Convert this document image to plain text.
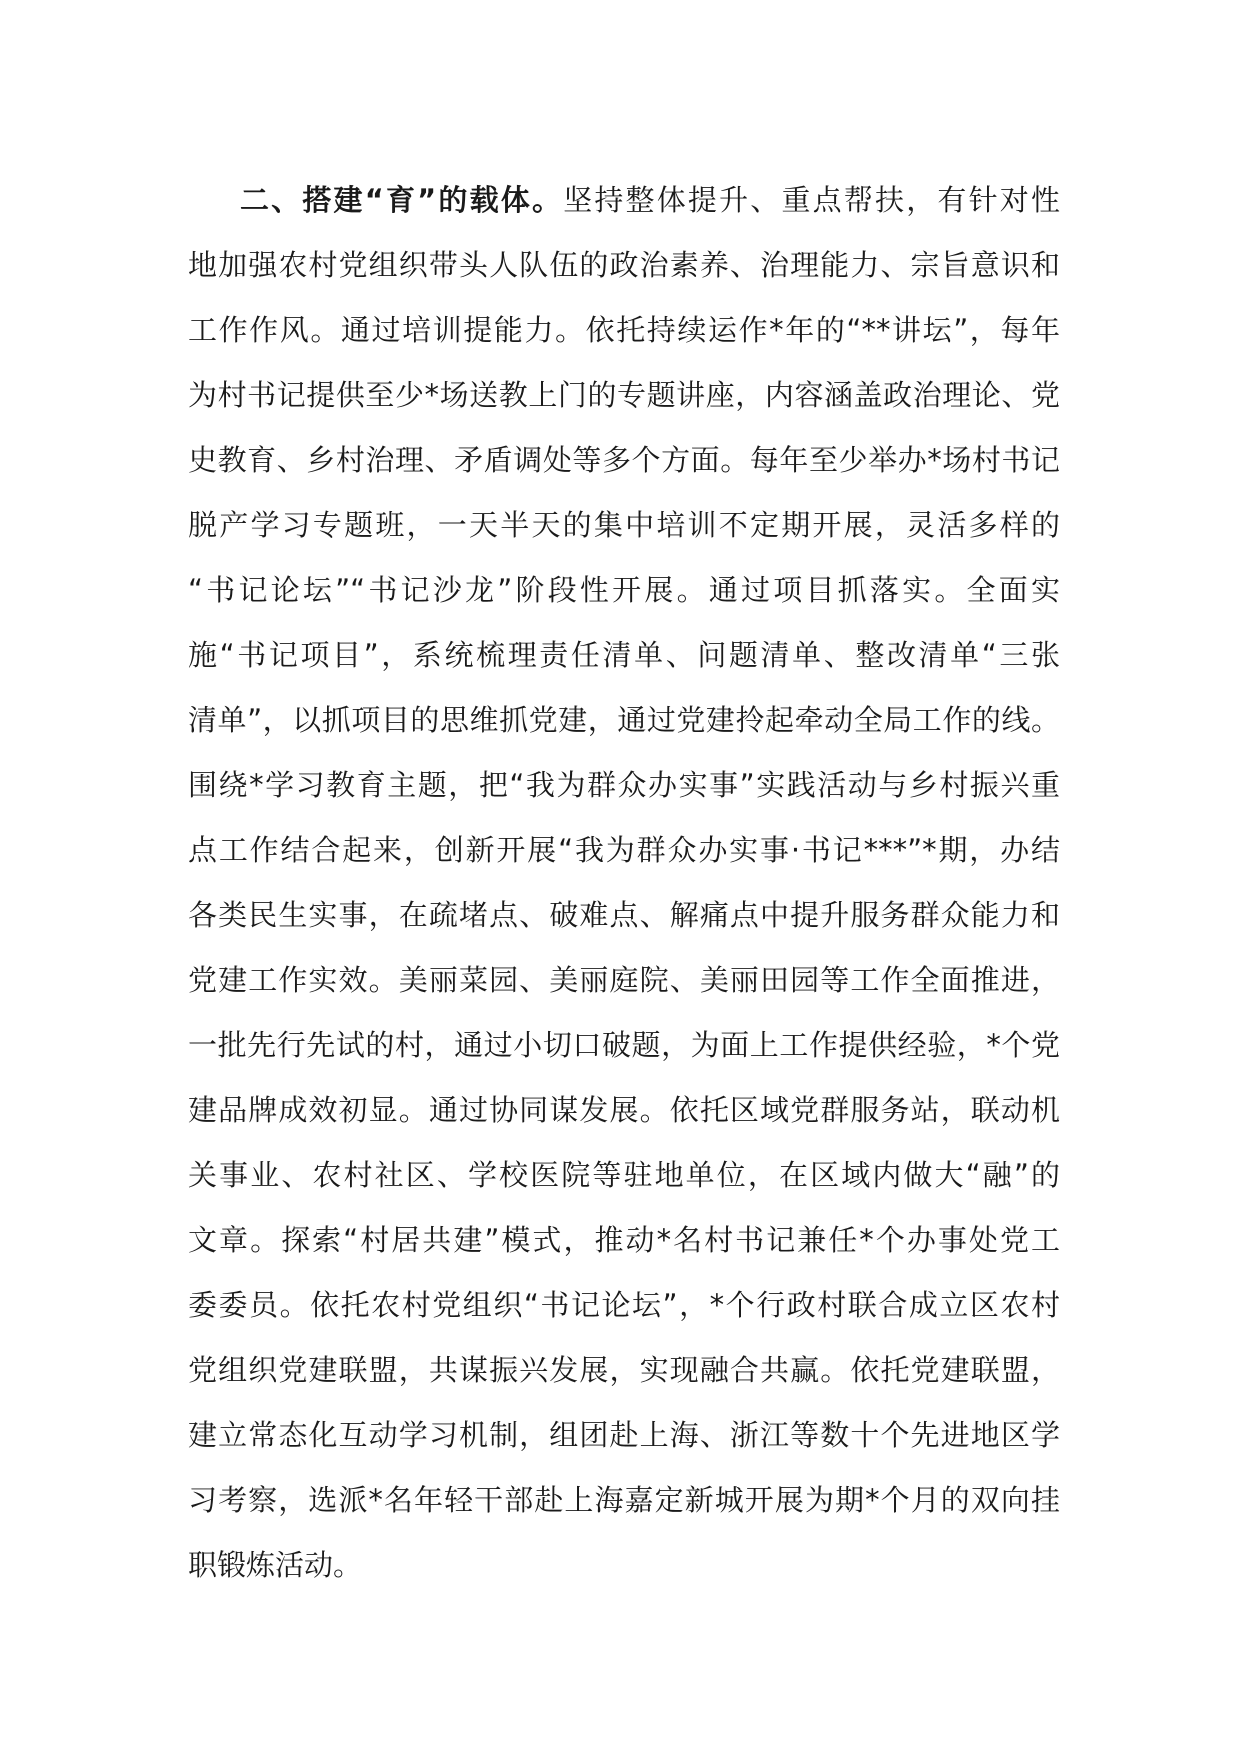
二、搭建“育”的载体。坚持整体提升、重点帮扶，有针对性
地加强农村党组织带头人队伍的政治素养、治理能力、宗旨意识和
工作作风。通过培训提能力。依托持续运作*年的“**讲坛”，每年
为村书记提供至少*场送教上门的专题讲座，内容涵盖政治理论、党
史教育、乡村治理、矛盾调处等多个方面。每年至少举办*场村书记
脱产学习专题班，一天半天的集中培训不定期开展，灵活多样的
“书记论坛”“书记沙龙”阶段性开展。通过项目抓落实。全面实
施“书记项目”，系统梳理责任清单、问题清单、整改清单“三张
清单”，以抓项目的思维抓党建，通过党建拎起牵动全局工作的线。
围绕*学习教育主题，把“我为群众办实事”实践活动与乡村振兴重
点工作结合起来，创新开展“我为群众办实事·书记***”*期，办结
各类民生实事，在疏堵点、破难点、解痛点中提升服务群众能力和
党建工作实效。美丽菜园、美丽庭院、美丽田园等工作全面推进，
一批先行先试的村，通过小切口破题，为面上工作提供经验，*个党
建品牌成效初显。通过协同谋发展。依托区域党群服务站，联动机
关事业、农村社区、学校医院等驻地单位，在区域内做大“融”的
文章。探索“村居共建”模式，推动*名村书记兼任*个办事处党工
委委员。依托农村党组织“书记论坛”，*个行政村联合成立区农村
党组织党建联盟，共谋振兴发展，实现融合共赢。依托党建联盟，
建立常态化互动学习机制，组团赴上海、浙江等数十个先进地区学
习考察，选派*名年轻干部赴上海嘉定新城开展为期*个月的双向挂
职锻炼活动。
